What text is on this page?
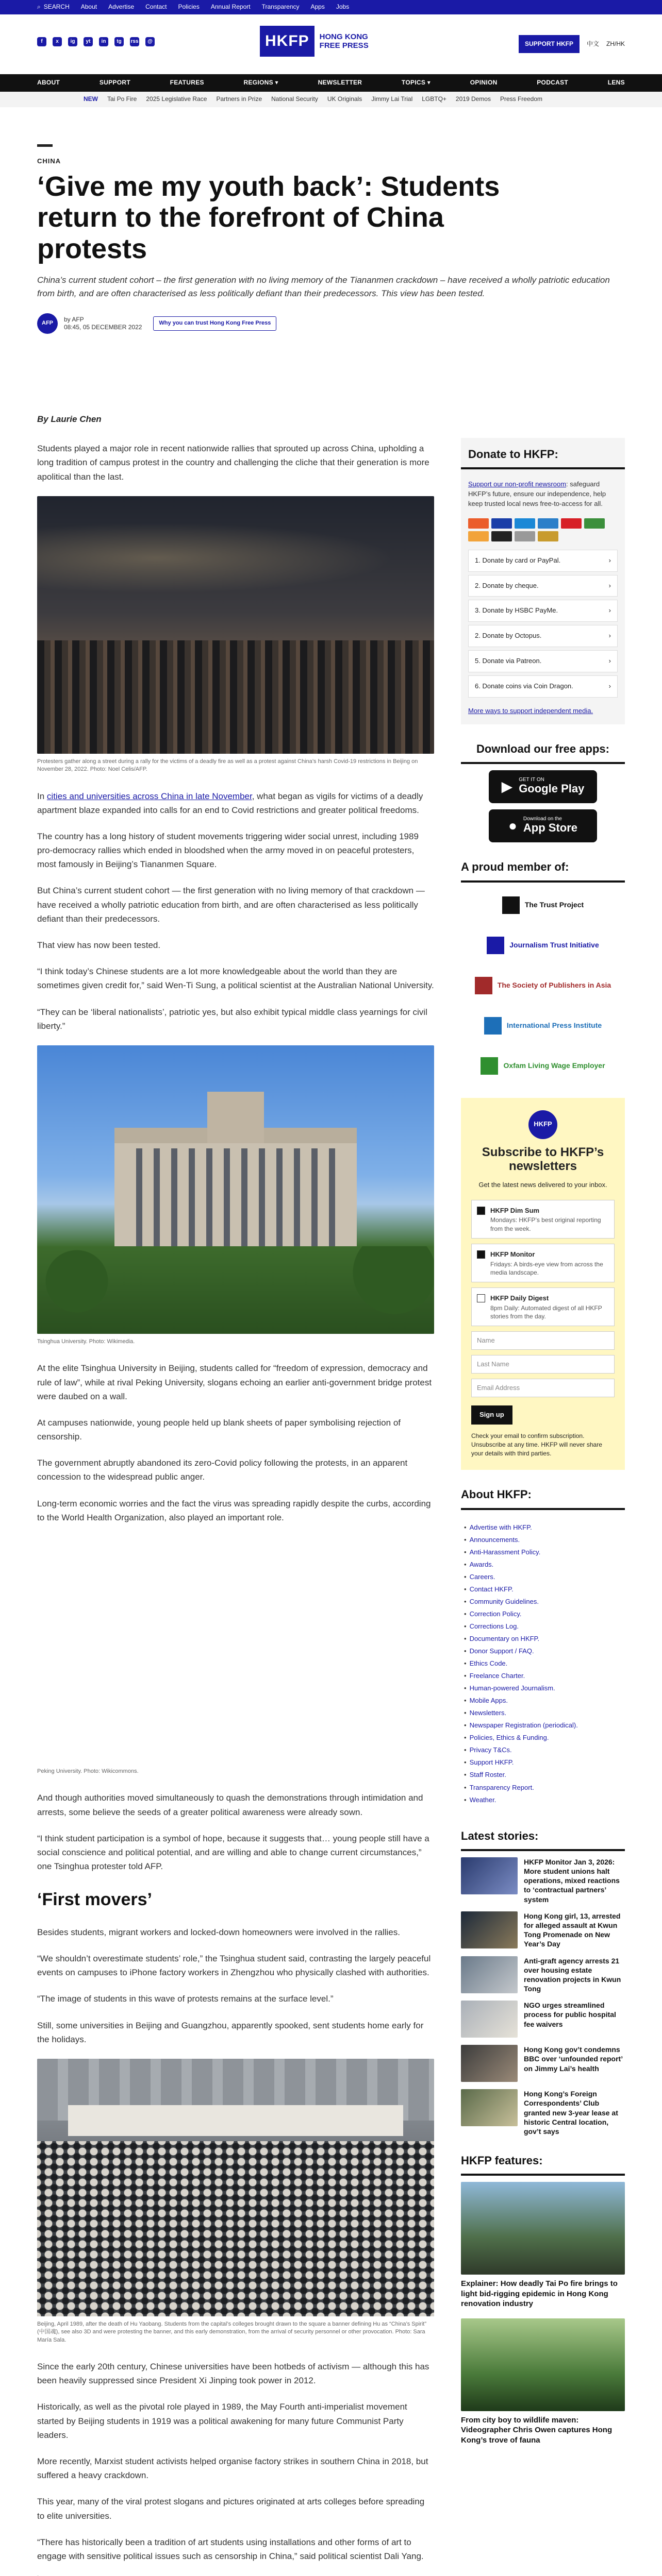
⌕ SEARCH About Advertise Contact Policies Annual Report Transparency Apps Jobs
f	x	ig	yt	in	tg	rss	@	HKFP	HONG KONG
FREE PRESS	SUPPORT HKFP	中文 ZH/HK
ABOUT	SUPPORT	FEATURES	REGIONS ▾	NEWSLETTER	TOPICS ▾	OPINION	PODCAST	LENS
NEW Tai Po Fire 2025 Legislative Race Partners in Prize National Security UK Originals Jimmy Lai Trial LGBTQ+ 2019 Demos Press Freedom
CHINA
‘Give me my youth back’: Students return to the forefront of China protests
China’s current student cohort – the first generation with no living memory of the Tiananmen crackdown – have received a wholly patriotic education from birth, and are often characterised as less politically defiant than their predecessors. This view has been tested.
AFP
by AFP
08:45, 05 DECEMBER 2022
Why you can trust Hong Kong Free Press
By Laurie Chen

Students played a major role in recent nationwide rallies that sprouted up across China, upholding a long tradition of campus protest in the country and challenging the cliche that their generation is more apolitical than the last.

Protesters gather along a street during a rally for the victims of a deadly fire as well as a protest against China’s harsh Covid-19 restrictions in Beijing on November 28, 2022. Photo: Noel Celis/AFP.

In cities and universities across China in late November, what began as vigils for victims of a deadly apartment blaze expanded into calls for an end to Covid restrictions and greater political freedoms.

The country has a long history of student movements triggering wider social unrest, including 1989 pro-democracy rallies which ended in bloodshed when the army moved in on peaceful protesters, most famously in Beijing’s Tiananmen Square.

But China’s current student cohort — the first generation with no living memory of that crackdown — have received a wholly patriotic education from birth, and are often characterised as less politically defiant than their predecessors.

That view has now been tested.

“I think today’s Chinese students are a lot more knowledgeable about the world than they are sometimes given credit for,” said Wen-Ti Sung, a political scientist at the Australian National University.

“They can be ‘liberal nationalists’, patriotic yes, but also exhibit typical middle class yearnings for civil liberty.”

Tsinghua University. Photo: Wikimedia.

At the elite Tsinghua University in Beijing, students called for “freedom of expression, democracy and rule of law”, while at rival Peking University, slogans echoing an earlier anti-government bridge protest were daubed on a wall.

At campuses nationwide, young people held up blank sheets of paper symbolising rejection of censorship.

The government abruptly abandoned its zero-Covid policy following the protests, in an apparent concession to the widespread public anger.

Long-term economic worries and the fact the virus was spreading rapidly despite the curbs, according to the World Health Organization, also played an important role.

Peking University. Photo: Wikicommons.

And though authorities moved simultaneously to quash the demonstrations through intimidation and arrests, some believe the seeds of a greater political awareness were already sown.

“I think student participation is a symbol of hope, because it suggests that… young people still have a social conscience and political potential, and are willing and able to change current circumstances,” one Tsinghua protester told AFP.

‘First movers’

Besides students, migrant workers and locked-down homeowners were involved in the rallies.

“We shouldn’t overestimate students’ role,” the Tsinghua student said, contrasting the largely peaceful events on campuses to iPhone factory workers in Zhengzhou who physically clashed with authorities.

“The image of students in this wave of protests remains at the surface level.”

Still, some universities in Beijing and Guangzhou, apparently spooked, sent students home early for the holidays.

Beijing, April 1989, after the death of Hu Yaobang. Students from the capital’s colleges brought drawn to the square a banner defining Hu as “China’s Spirit” (中国魂), see also 3D and were protesting the banner, and this early demonstration, from the arrival of security personnel or other provocation. Photo: Sara María Sala.

Since the early 20th century, Chinese universities have been hotbeds of activism — although this has been heavily suppressed since President Xi Jinping took power in 2012.

Historically, as well as the pivotal role played in 1989, the May Fourth anti-imperialist movement started by Beijing students in 1919 was a political awakening for many future Communist Party leaders.

More recently, Marxist student activists helped organise factory strikes in southern China in 2018, but suffered a heavy crackdown.

This year, many of the viral protest slogans and pictures originated at arts colleges before spreading to elite universities.

“There has historically been a tradition of art students using installations and other forms of art to engage with sensitive political issues such as censorship in China,” said political scientist Dali Yang.

Donate to HKFP:
Support our non-profit newsroom: safeguard HKFP’s future, ensure our independence, help keep trusted local news free-to-access for all.
1. Donate by card or PayPal.	›
2. Donate by cheque.	›
3. Donate by HSBC PayMe.	›
2. Donate by Octopus.	›
5. Donate via Patreon.	›
6. Donate coins via Coin Dragon.	›
More ways to support independent media.
Download our free apps:
▶ GET IT ON
Google Play
● Download on the
App Store
A proud member of:
The Trust Project
Journalism Trust Initiative
The Society of Publishers in Asia
International Press Institute
Oxfam Living Wage Employer
HKFP
Subscribe to HKFP’s newsletters
Get the latest news delivered to your inbox.
HKFP Dim Sum
Mondays: HKFP’s best original reporting from the week.
HKFP Monitor
Fridays: A birds-eye view from across the media landscape.
HKFP Daily Digest
8pm Daily: Automated digest of all HKFP stories from the day.
Name
Last Name
Email Address
Sign up
Check your email to confirm subscription. Unsubscribe at any time. HKFP will never share your details with third parties.
About HKFP:
• Advertise with HKFP.
• Announcements.
• Anti-Harassment Policy.
• Awards.
• Careers.
• Contact HKFP.
• Community Guidelines.
• Correction Policy.
• Corrections Log.
• Documentary on HKFP.
• Donor Support / FAQ.
• Ethics Code.
• Freelance Charter.
• Human-powered Journalism.
• Mobile Apps.
• Newsletters.
• Newspaper Registration (periodical).
• Policies, Ethics & Funding.
• Privacy T&Cs.
• Support HKFP.
• Staff Roster.
• Transparency Report.
• Weather.
Latest stories:
HKFP Monitor Jan 3, 2026: More student unions halt operations, mixed reactions to ‘contractual partners’ system
Hong Kong girl, 13, arrested for alleged assault at Kwun Tong Promenade on New Year’s Day
Anti-graft agency arrests 21 over housing estate renovation projects in Kwun Tong
NGO urges streamlined process for public hospital fee waivers
Hong Kong gov’t condemns BBC over ‘unfounded report’ on Jimmy Lai’s health
Hong Kong’s Foreign Correspondents’ Club granted new 3-year lease at historic Central location, gov’t says
HKFP features:
Explainer: How deadly Tai Po fire brings to light bid-rigging epidemic in Hong Kong renovation industry
From city boy to wildlife maven: Videographer Chris Owen captures Hong Kong’s trove of fauna
